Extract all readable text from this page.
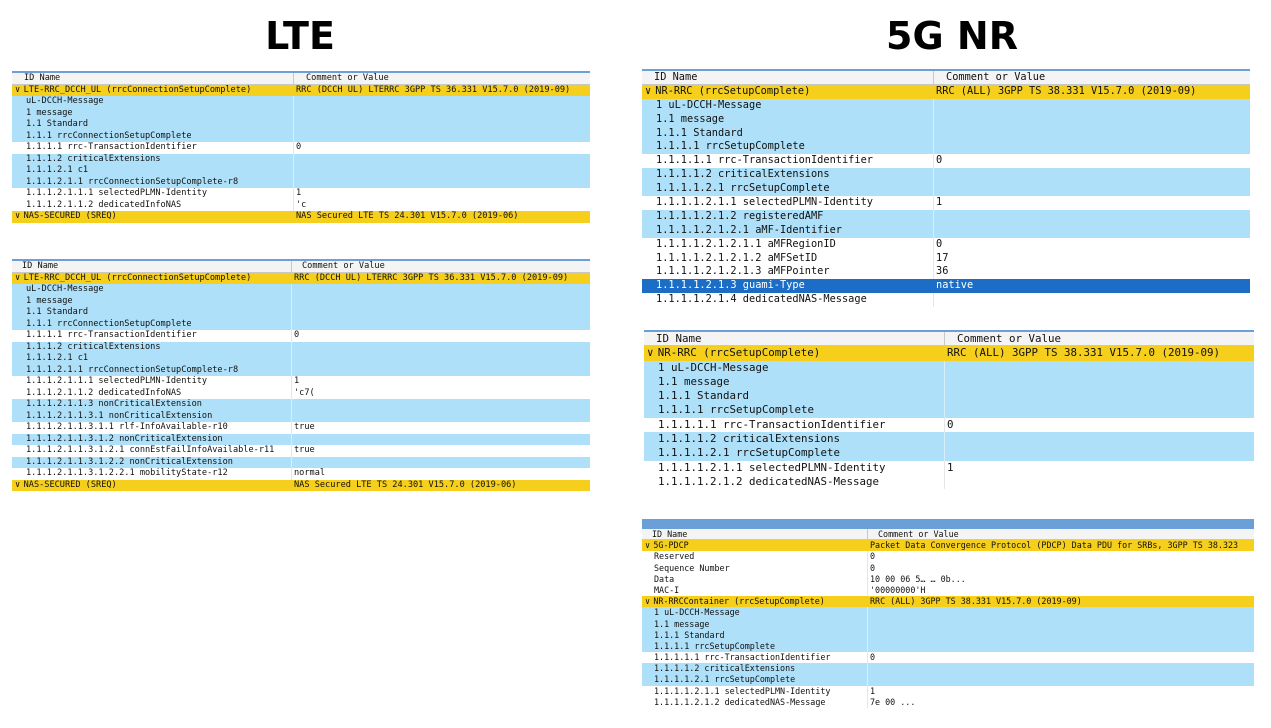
LTE	5G NR
ID Name	Comment or Value
∨ LTE-RRC_DCCH_UL (rrcConnectionSetupComplete)	RRC (DCCH UL) LTERRC 3GPP TS 36.331 V15.7.0 (2019-09)
uL-DCCH-Message
1 message
1.1 Standard
1.1.1 rrcConnectionSetupComplete
1.1.1.1 rrc-TransactionIdentifier	0
1.1.1.2 criticalExtensions
1.1.1.2.1 c1
1.1.1.2.1.1 rrcConnectionSetupComplete-r8
1.1.1.2.1.1.1 selectedPLMN-Identity	1
1.1.1.2.1.1.2 dedicatedInfoNAS	'c
∨ NAS-SECURED (SREQ)	NAS Secured LTE TS 24.301 V15.7.0 (2019-06)
ID Name	Comment or Value
∨ LTE-RRC_DCCH_UL (rrcConnectionSetupComplete)	RRC (DCCH UL) LTERRC 3GPP TS 36.331 V15.7.0 (2019-09)
uL-DCCH-Message
1 message
1.1 Standard
1.1.1 rrcConnectionSetupComplete
1.1.1.1 rrc-TransactionIdentifier	0
1.1.1.2 criticalExtensions
1.1.1.2.1 c1
1.1.1.2.1.1 rrcConnectionSetupComplete-r8
1.1.1.2.1.1.1 selectedPLMN-Identity	1
1.1.1.2.1.1.2 dedicatedInfoNAS	'c7(
1.1.1.2.1.1.3 nonCriticalExtension
1.1.1.2.1.1.3.1 nonCriticalExtension
1.1.1.2.1.1.3.1.1 rlf-InfoAvailable-r10	true
1.1.1.2.1.1.3.1.2 nonCriticalExtension
1.1.1.2.1.1.3.1.2.1 connEstFailInfoAvailable-r11	true
1.1.1.2.1.1.3.1.2.2 nonCriticalExtension
1.1.1.2.1.1.3.1.2.2.1 mobilityState-r12	normal
∨ NAS-SECURED (SREQ)	NAS Secured LTE TS 24.301 V15.7.0 (2019-06)
ID Name	Comment or Value
∨ NR-RRC (rrcSetupComplete)	RRC (ALL) 3GPP TS 38.331 V15.7.0 (2019-09)
1 uL-DCCH-Message
1.1 message
1.1.1 Standard
1.1.1.1 rrcSetupComplete
1.1.1.1.1 rrc-TransactionIdentifier	0
1.1.1.1.2 criticalExtensions
1.1.1.1.2.1 rrcSetupComplete
1.1.1.1.2.1.1 selectedPLMN-Identity	1
1.1.1.1.2.1.2 registeredAMF
1.1.1.1.2.1.2.1 aMF-Identifier
1.1.1.1.2.1.2.1.1 aMFRegionID	0
1.1.1.1.2.1.2.1.2 aMFSetID	17
1.1.1.1.2.1.2.1.3 aMFPointer	36
1.1.1.1.2.1.3 guami-Type	native
1.1.1.1.2.1.4 dedicatedNAS-Message
ID Name	Comment or Value
∨ NR-RRC (rrcSetupComplete)	RRC (ALL) 3GPP TS 38.331 V15.7.0 (2019-09)
1 uL-DCCH-Message
1.1 message
1.1.1 Standard
1.1.1.1 rrcSetupComplete
1.1.1.1.1 rrc-TransactionIdentifier	0
1.1.1.1.2 criticalExtensions
1.1.1.1.2.1 rrcSetupComplete
1.1.1.1.2.1.1 selectedPLMN-Identity	1
1.1.1.1.2.1.2 dedicatedNAS-Message
ID Name	Comment or Value
∨ 5G-PDCP	Packet Data Convergence Protocol (PDCP) Data PDU for SRBs, 3GPP TS 38.323
Reserved	0
Sequence Number	0
Data	10 00 06 5… … 0b...
MAC-I	'00000000'H
∨ NR-RRCContainer (rrcSetupComplete)	RRC (ALL) 3GPP TS 38.331 V15.7.0 (2019-09)
1 uL-DCCH-Message
1.1 message
1.1.1 Standard
1.1.1.1 rrcSetupComplete
1.1.1.1.1 rrc-TransactionIdentifier	0
1.1.1.1.2 criticalExtensions
1.1.1.1.2.1 rrcSetupComplete
1.1.1.1.2.1.1 selectedPLMN-Identity	1
1.1.1.1.2.1.2 dedicatedNAS-Message	7e 00 ...
